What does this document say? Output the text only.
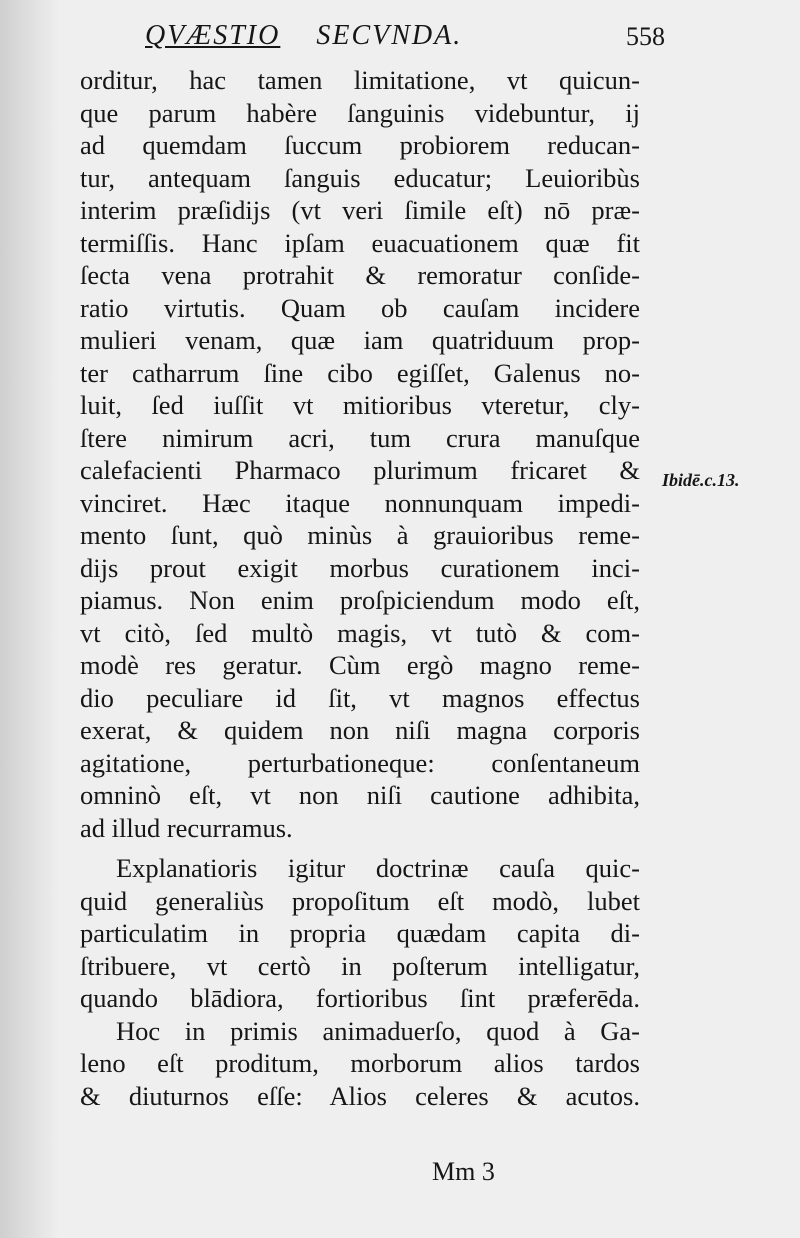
QVÆSTIO SECVNDA.	558
orditur, hac tamen limitatione, vt quicun-
que parum habère ſanguinis videbuntur, ij
ad quemdam ſuccum probiorem reducan-
tur, antequam ſanguis educatur; Leuioribùs
interim præſidijs (vt veri ſimile eſt) nō præ-
termiſſis. Hanc ipſam euacuationem quæ fit
ſecta vena protrahit & remoratur conſide-
ratio virtutis. Quam ob cauſam incidere
mulieri venam, quæ iam quatriduum prop-
ter catharrum ſine cibo egiſſet, Galenus no-
luit, ſed iuſſit vt mitioribus vteretur, cly-
ſtere nimirum acri, tum crura manuſque
calefacienti Pharmaco plurimum fricaret &
vinciret. Hæc itaque nonnunquam impedi-
mento ſunt, quò minùs à grauioribus reme-
dijs prout exigit morbus curationem inci-
piamus. Non enim proſpiciendum modo eſt,
vt citò, ſed multò magis, vt tutò & com-
modè res geratur. Cùm ergò magno reme-
dio peculiare id ſit, vt magnos effectus
exerat, & quidem non niſi magna corporis
agitatione, perturbationeque: conſentaneum
omninò eſt, vt non niſi cautione adhibita,
ad illud recurramus.
Explanatioris igitur doctrinæ cauſa quic-
quid generaliùs propoſitum eſt modò, lubet
particulatim in propria quædam capita di-
ſtribuere, vt certò in poſterum intelligatur,
quando blādiora, fortioribus ſint præferēda.
Hoc in primis animaduerſo, quod à Ga-
leno eſt proditum, morborum alios tardos
& diuturnos eſſe: Alios celeres & acutos.
Ibidē.c.13.
Mm 3
